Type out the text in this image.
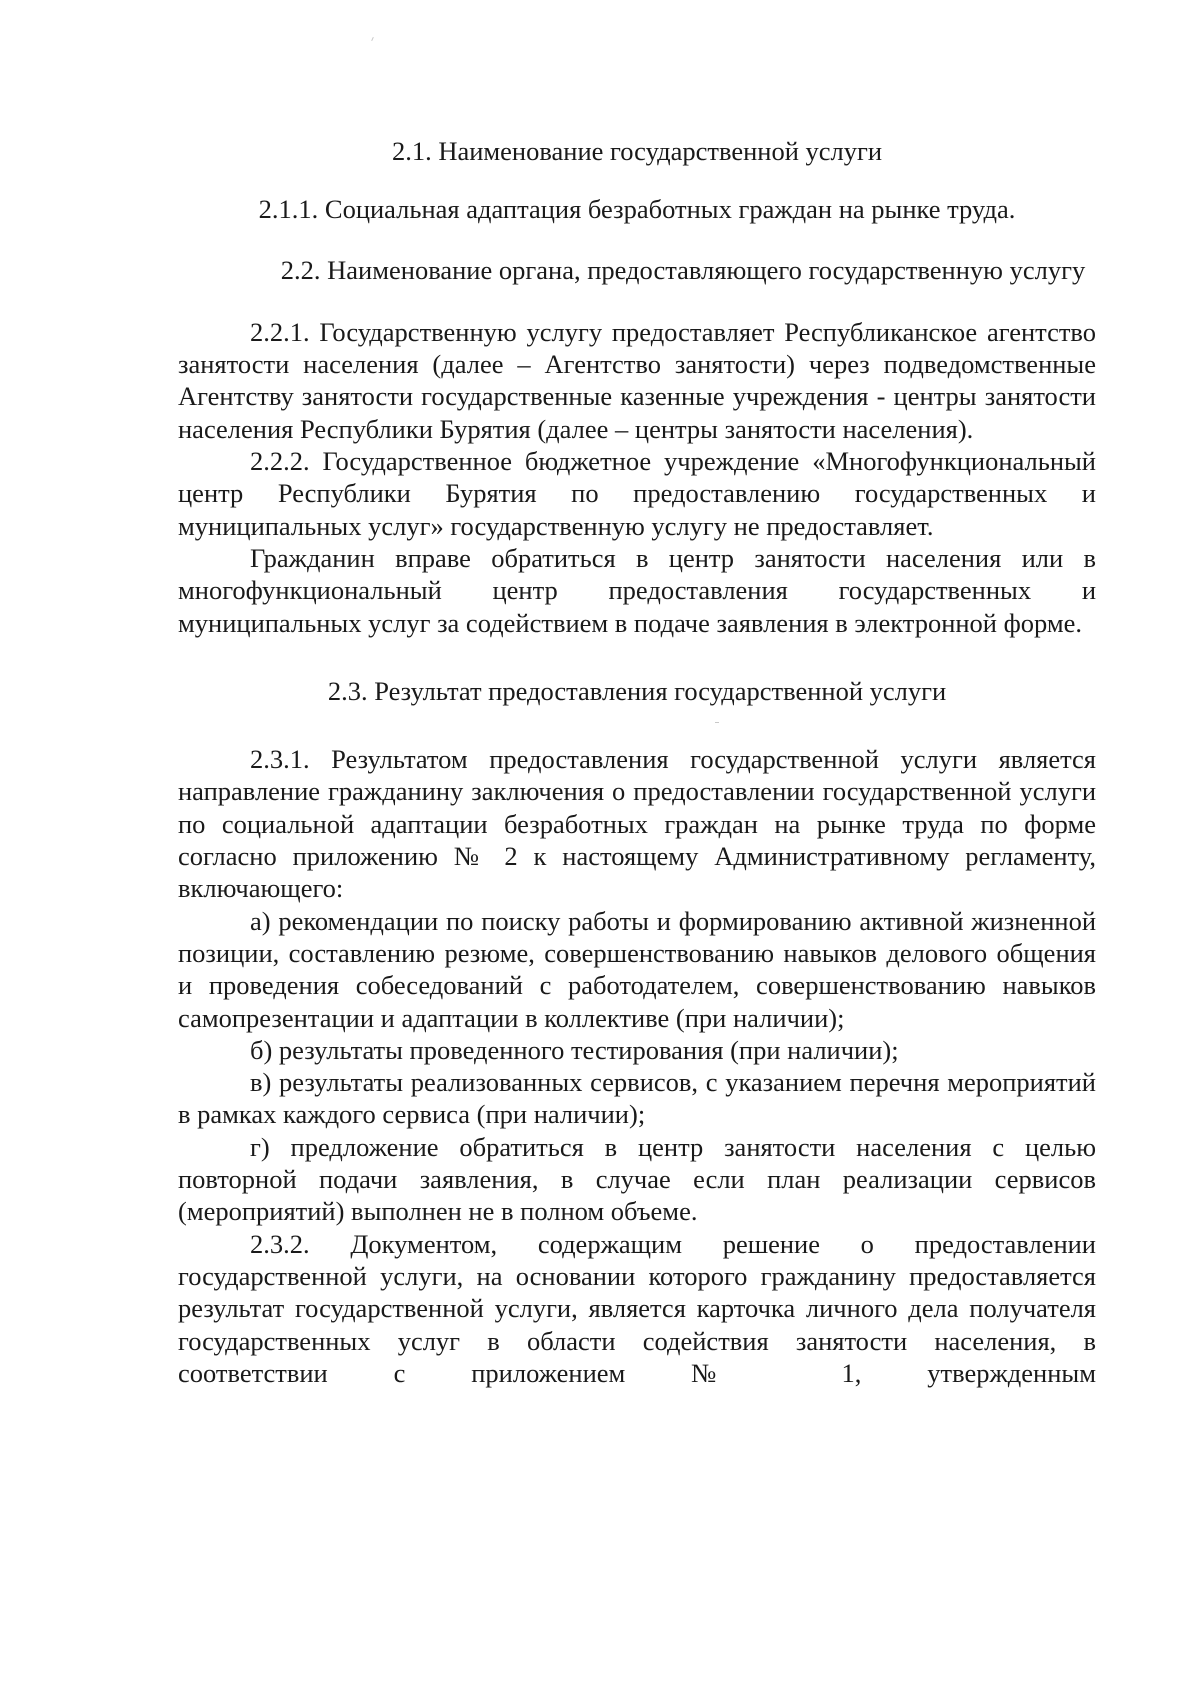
2.1. Наименование государственной услуги

2.1.1. Социальная адаптация безработных граждан на рынке труда.

2.2. Наименование органа, предоставляющего государственную услугу

2.2.1. Государственную услугу предоставляет Республиканское агентство занятости населения (далее – Агентство занятости) через подведомственные Агентству занятости государственные казенные учреждения - центры занятости населения Республики Бурятия (далее – центры занятости населения).

2.2.2. Государственное бюджетное учреждение «Многофункциональный центр Республики Бурятия по предоставлению государственных и муниципальных услуг» государственную услугу не предоставляет.

Гражданин вправе обратиться в центр занятости населения или в многофункциональный центр предоставления государственных и муниципальных услуг за содействием в подаче заявления в электронной форме.

2.3. Результат предоставления государственной услуги

2.3.1. Результатом предоставления государственной услуги является направление гражданину заключения о предоставлении государственной услуги по социальной адаптации безработных граждан на рынке труда по форме согласно приложению № 2 к настоящему Административному регламенту, включающего:

а) рекомендации по поиску работы и формированию активной жизненной позиции, составлению резюме, совершенствованию навыков делового общения и проведения собеседований с работодателем, совершенствованию навыков самопрезентации и адаптации в коллективе (при наличии);

б) результаты проведенного тестирования (при наличии);

в) результаты реализованных сервисов, с указанием перечня мероприятий в рамках каждого сервиса (при наличии);

г) предложение обратиться в центр занятости населения с целью повторной подачи заявления, в случае если план реализации сервисов (мероприятий) выполнен не в полном объеме.

2.3.2. Документом, содержащим решение о предоставлении государственной услуги, на основании которого гражданину предоставляется результат государственной услуги, является карточка личного дела получателя государственных услуг в области содействия занятости населения, в соответствии с приложением № 1, утвержденным
